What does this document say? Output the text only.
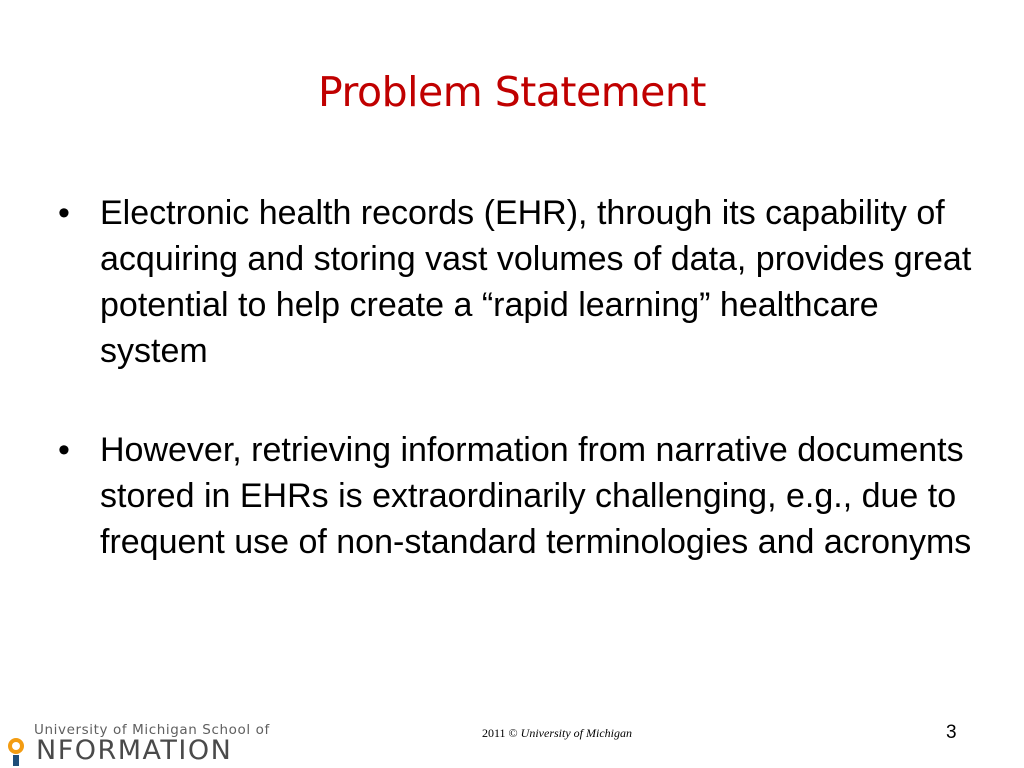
Problem Statement
• Electronic health records (EHR), through its capability of acquiring and storing vast volumes of data, provides great potential to help create a “rapid learning” healthcare system
• However, retrieving information from narrative documents stored in EHRs is extraordinarily challenging, e.g., due to frequent use of non-standard terminologies and acronyms
University of Michigan School of
NFORMATION
2011 © University of Michigan	3
